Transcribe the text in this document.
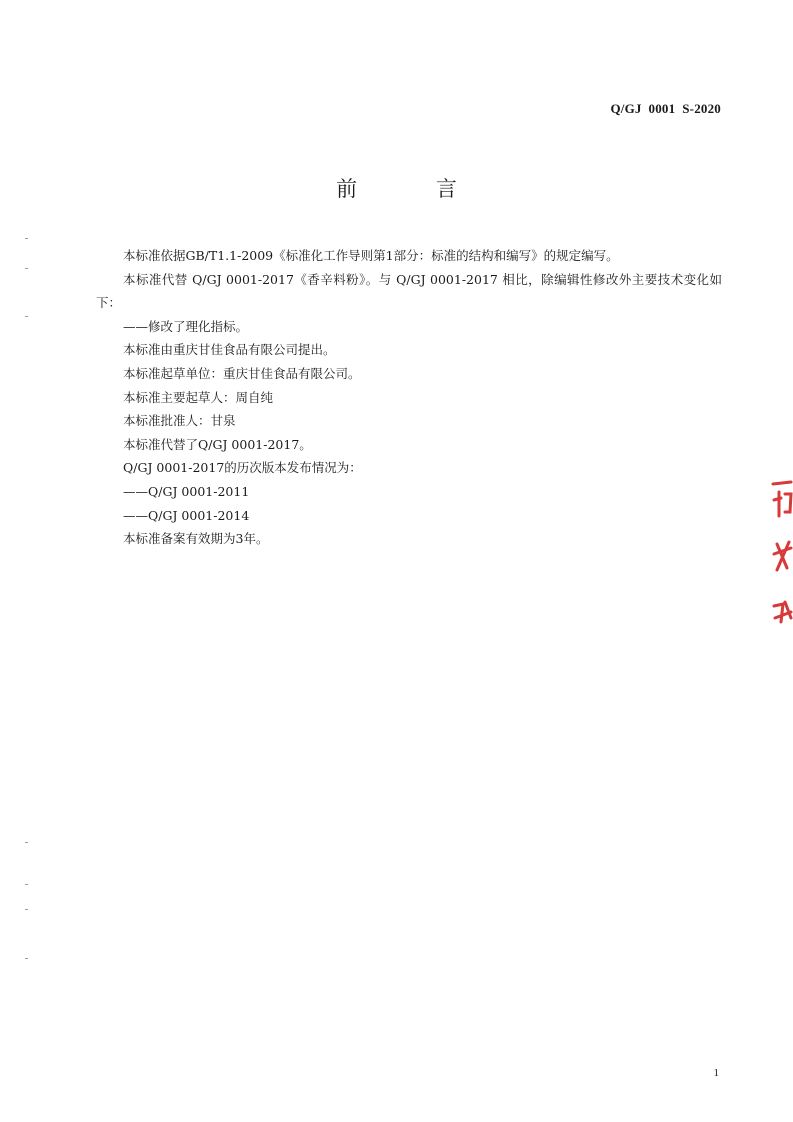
Q/GJ  0001  S-2020
前 言

本标准依据GB/T1.1-2009《标准化工作导则第1部分：标准的结构和编写》的规定编写。

本标准代替 Q/GJ 0001-2017《香辛料粉》。与 Q/GJ 0001-2017 相比，除编辑性修改外主要技术变化如下：

——修改了理化指标。

本标准由重庆甘佳食品有限公司提出。

本标准起草单位：重庆甘佳食品有限公司。

本标准主要起草人：周自纯

本标准批准人：甘泉

本标准代替了Q/GJ 0001-2017。

Q/GJ 0001-2017的历次版本发布情况为：

——Q/GJ 0001-2011

——Q/GJ 0001-2014

本标准备案有效期为3年。

1
